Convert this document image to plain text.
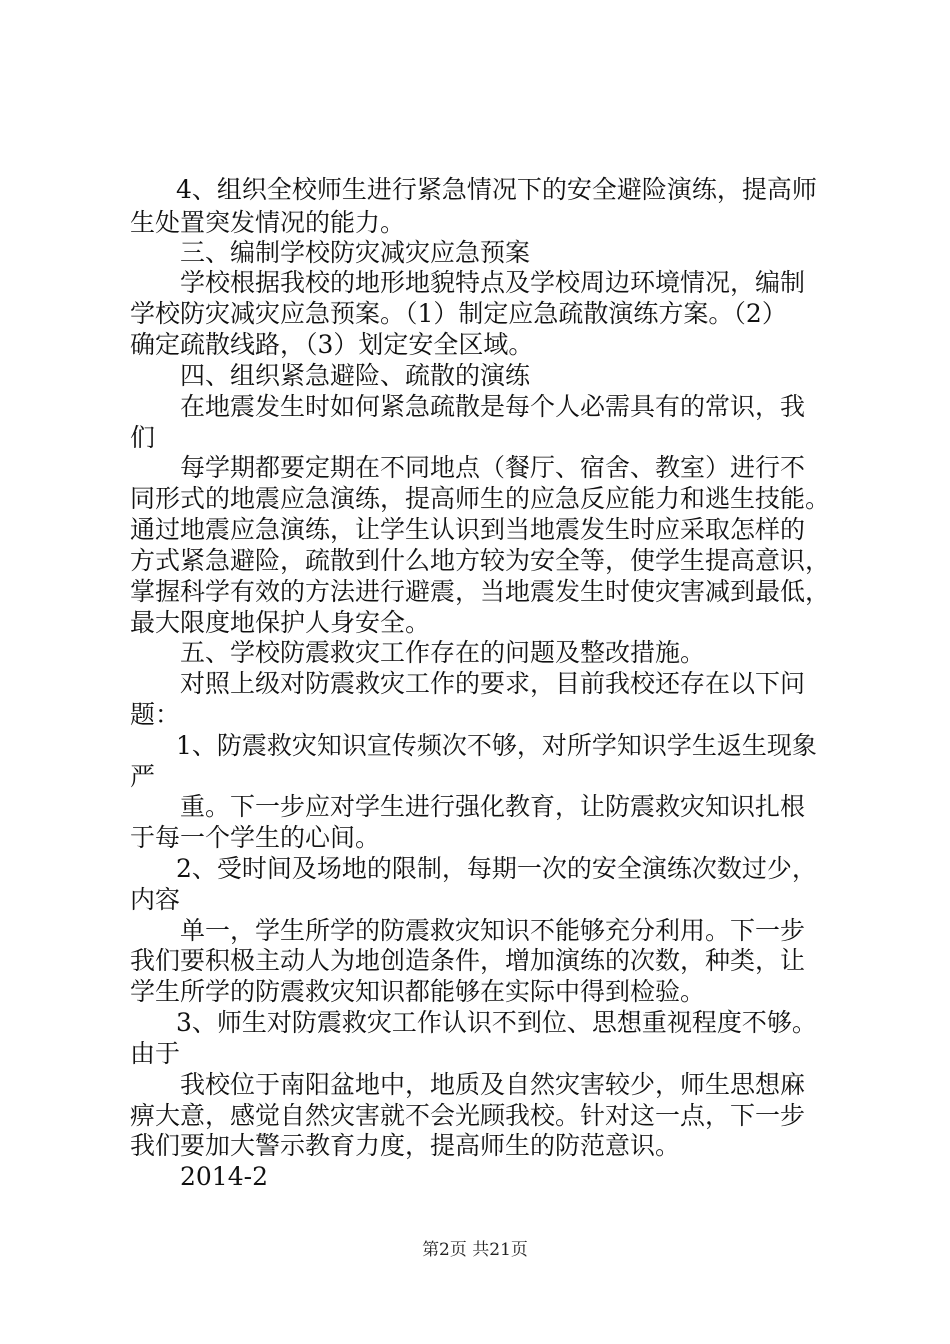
4、组织全校师生进行紧急情况下的安全避险演练，提高师
生处置突发情况的能力。
三、编制学校防灾减灾应急预案
学校根据我校的地形地貌特点及学校周边环境情况，编制
学校防灾减灾应急预案。（1）制定应急疏散演练方案。（2）
确定疏散线路，（3）划定安全区域。
四、组织紧急避险、疏散的演练
在地震发生时如何紧急疏散是每个人必需具有的常识，我
们
每学期都要定期在不同地点（餐厅、宿舍、教室）进行不
同形式的地震应急演练，提高师生的应急反应能力和逃生技能。
通过地震应急演练，让学生认识到当地震发生时应采取怎样的
方式紧急避险，疏散到什么地方较为安全等，使学生提高意识，
掌握科学有效的方法进行避震，当地震发生时使灾害减到最低，
最大限度地保护人身安全。
五、学校防震救灾工作存在的问题及整改措施。
对照上级对防震救灾工作的要求，目前我校还存在以下问
题：
1、防震救灾知识宣传频次不够，对所学知识学生返生现象
严
重。下一步应对学生进行强化教育，让防震救灾知识扎根
于每一个学生的心间。
2、受时间及场地的限制，每期一次的安全演练次数过少，
内容
单一，学生所学的防震救灾知识不能够充分利用。下一步
我们要积极主动人为地创造条件，增加演练的次数，种类，让
学生所学的防震救灾知识都能够在实际中得到检验。
3、师生对防震救灾工作认识不到位、思想重视程度不够。
由于
我校位于南阳盆地中，地质及自然灾害较少，师生思想麻
痹大意，感觉自然灾害就不会光顾我校。针对这一点，下一步
我们要加大警示教育力度，提高师生的防范意识。
2014-2
第2页 共21页
